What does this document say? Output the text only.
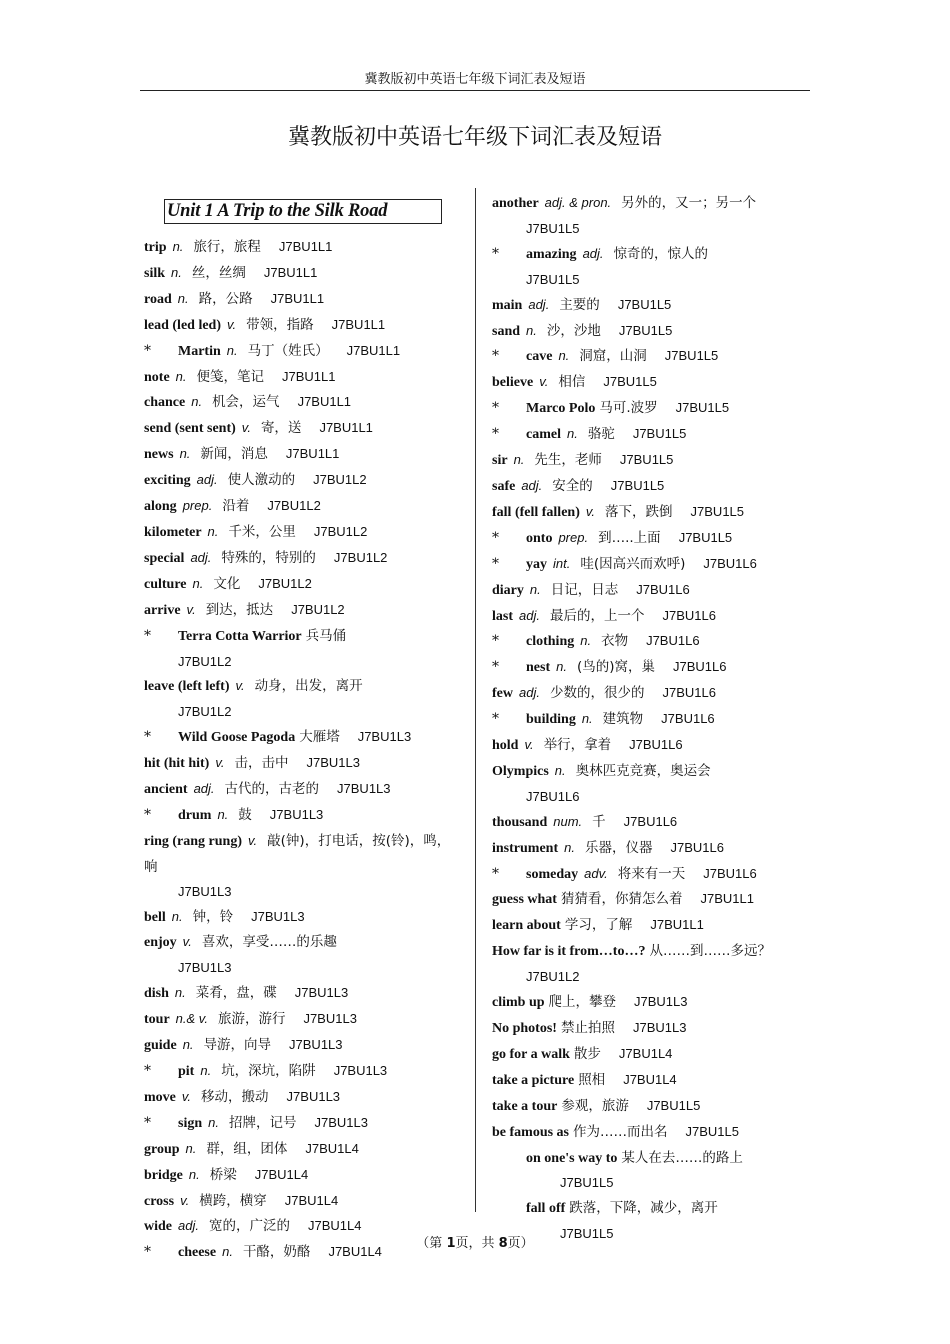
冀教版初中英语七年级下词汇表及短语
冀教版初中英语七年级下词汇表及短语
Unit 1 A Trip to the Silk Road
trip n. 旅行，旅程 J7BU1L1
silk n. 丝，丝绸 J7BU1L1
road n. 路，公路 J7BU1L1
lead (led led) v. 带领，指路 J7BU1L1
* Martin n. 马丁（姓氏） J7BU1L1
note n. 便笺，笔记 J7BU1L1
chance n. 机会，运气 J7BU1L1
send (sent sent) v. 寄，送 J7BU1L1
news n. 新闻，消息 J7BU1L1
exciting adj. 使人激动的 J7BU1L2
along prep. 沿着 J7BU1L2
kilometer n. 千米，公里 J7BU1L2
special adj. 特殊的，特别的 J7BU1L2
culture n. 文化 J7BU1L2
arrive v. 到达，抵达 J7BU1L2
* Terra Cotta Warrior 兵马俑
J7BU1L2
leave (left left) v. 动身，出发，离开
J7BU1L2
* Wild Goose Pagoda 大雁塔 J7BU1L3
hit (hit hit) v. 击，击中 J7BU1L3
ancient adj. 古代的，古老的 J7BU1L3
* drum n. 鼓 J7BU1L3
ring (rang rung) v. 敲(钟)，打电话，按(铃)，鸣，响
J7BU1L3
bell n. 钟，铃 J7BU1L3
enjoy v. 喜欢，享受……的乐趣
J7BU1L3
dish n. 菜肴，盘，碟 J7BU1L3
tour n.& v. 旅游，游行 J7BU1L3
guide n. 导游，向导 J7BU1L3
* pit n. 坑，深坑，陷阱 J7BU1L3
move v. 移动，搬动 J7BU1L3
* sign n. 招牌，记号 J7BU1L3
group n. 群，组，团体 J7BU1L4
bridge n. 桥梁 J7BU1L4
cross v. 横跨，横穿 J7BU1L4
wide adj. 宽的，广泛的 J7BU1L4
* cheese n. 干酪，奶酪 J7BU1L4
another adj. & pron. 另外的，又一；另一个
J7BU1L5
* amazing adj. 惊奇的，惊人的
J7BU1L5
main adj. 主要的 J7BU1L5
sand n. 沙，沙地 J7BU1L5
* cave n. 洞窟，山洞 J7BU1L5
believe v. 相信 J7BU1L5
* Marco Polo 马可.波罗 J7BU1L5
* camel n. 骆驼 J7BU1L5
sir n. 先生，老师 J7BU1L5
safe adj. 安全的 J7BU1L5
fall (fell fallen) v. 落下，跌倒 J7BU1L5
* onto prep. 到…..上面 J7BU1L5
* yay int. 哇(因高兴而欢呼) J7BU1L6
diary n. 日记，日志 J7BU1L6
last adj. 最后的，上一个 J7BU1L6
* clothing n. 衣物 J7BU1L6
* nest n. (鸟的)窝，巢 J7BU1L6
few adj. 少数的，很少的 J7BU1L6
* building n. 建筑物 J7BU1L6
hold v. 举行，拿着 J7BU1L6
Olympics n. 奥林匹克竞赛，奥运会
J7BU1L6
thousand num. 千 J7BU1L6
instrument n. 乐器，仪器 J7BU1L6
* someday adv. 将来有一天 J7BU1L6
guess what 猜猜看，你猜怎么着 J7BU1L1
learn about 学习，了解 J7BU1L1
How far is it from…to…? 从……到……多远？
J7BU1L2
climb up 爬上，攀登 J7BU1L3
No photos! 禁止拍照 J7BU1L3
go for a walk 散步 J7BU1L4
take a picture 照相 J7BU1L4
take a tour 参观，旅游 J7BU1L5
be famous as 作为……而出名 J7BU1L5
on one's way to 某人在去……的路上
J7BU1L5
fall off 跌落，下降，减少，离开
J7BU1L5
（第 1页，共 8页）
